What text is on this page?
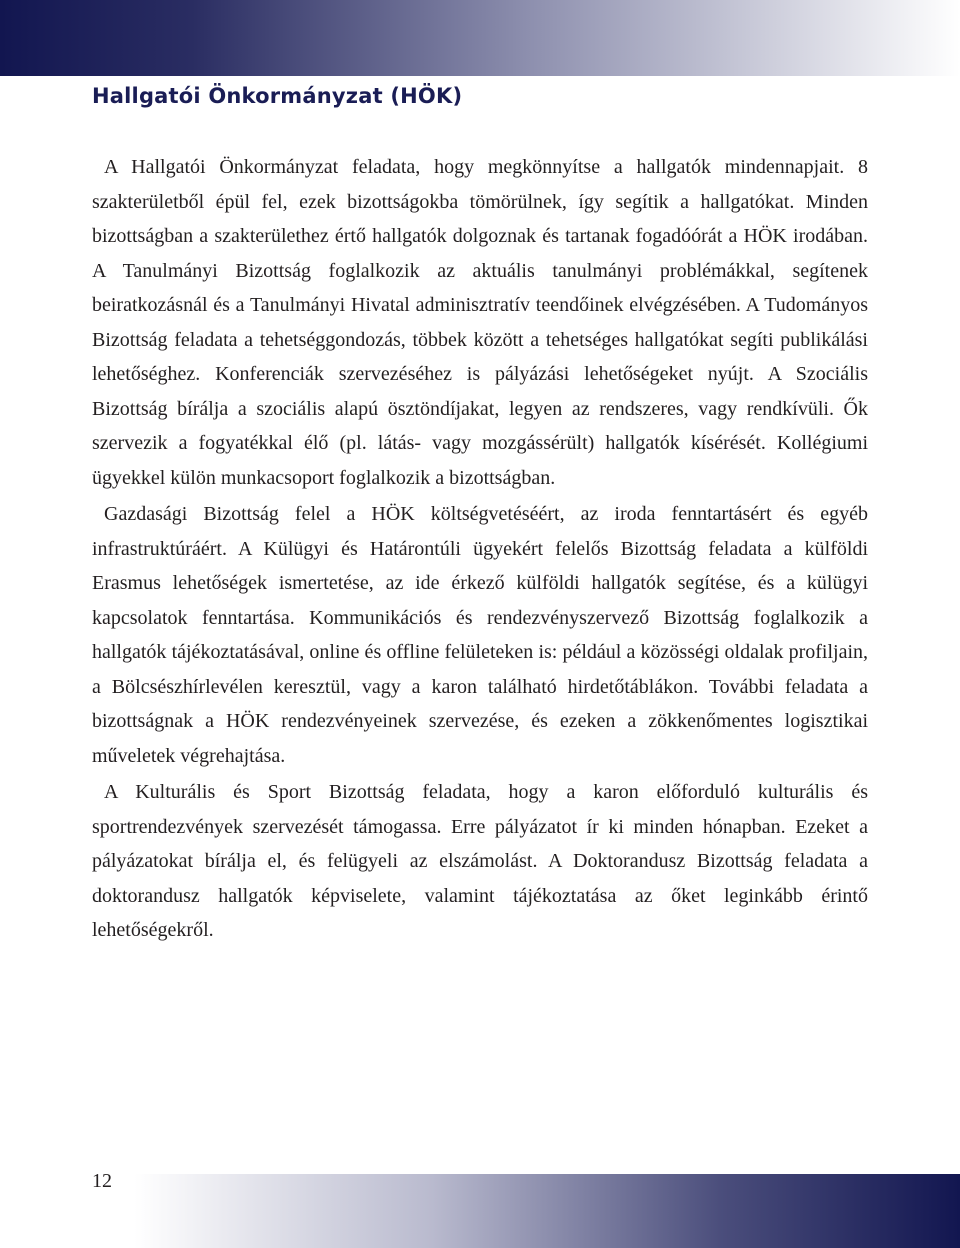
Hallgatói Önkormányzat (HÖK)

A Hallgatói Önkormányzat feladata, hogy megkönnyítse a hallgatók mindennapjait. 8 szakterületből épül fel, ezek bizottságokba tömörülnek, így segítik a hallgatókat. Minden bizottságban a szakterülethez értő hallgatók dolgoznak és tartanak fogadóórát a HÖK irodában. A Tanulmányi Bizottság foglalkozik az aktuális tanulmányi problémákkal, segítenek beiratkozásnál és a Tanulmányi Hivatal adminisztratív teendőinek elvégzésében. A Tudományos Bizottság feladata a tehetséggondozás, többek között a tehetséges hallgatókat segíti publikálási lehetőséghez. Konferenciák szervezéséhez is pályázási lehetőségeket nyújt. A Szociális Bizottság bírálja a szociális alapú ösztöndíjakat, legyen az rendszeres, vagy rendkívüli. Ők szervezik a fogyatékkal élő (pl. látás- vagy mozgássérült) hallgatók kísérését. Kollégiumi ügyekkel külön munkacsoport foglalkozik a bizottságban.

Gazdasági Bizottság felel a HÖK költségvetéséért, az iroda fenntartásért és egyéb infrastruktúráért. A Külügyi és Határontúli ügyekért felelős Bizottság feladata a külföldi Erasmus lehetőségek ismertetése, az ide érkező külföldi hallgatók segítése, és a külügyi kapcsolatok fenntartása. Kommunikációs és rendezvényszervező Bizottság foglalkozik a hallgatók tájékoztatásával, online és offline felületeken is: például a közösségi oldalak profiljain, a Bölcsészhírlevélen keresztül, vagy a karon található hirdetőtáblákon. További feladata a bizottságnak a HÖK rendezvényeinek szervezése, és ezeken a zökkenőmentes logisztikai műveletek végrehajtása.

A Kulturális és Sport Bizottság feladata, hogy a karon előforduló kulturális és sportrendezvények szervezését támogassa. Erre pályázatot ír ki minden hónapban. Ezeket a pályázatokat bírálja el, és felügyeli az elszámolást. A Doktorandusz Bizottság feladata a doktorandusz hallgatók képviselete, valamint tájékoztatása az őket leginkább érintő lehetőségekről.

12
